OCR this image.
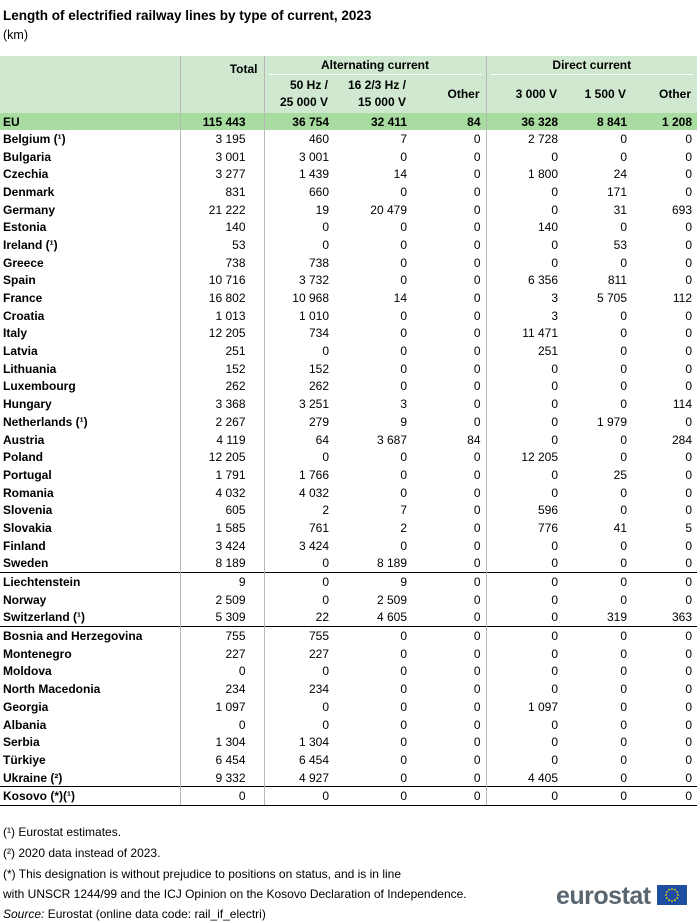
Length of electrified railway lines by type of current, 2023
(km)
	Total	Alternating current			Direct current		

		50 Hz /
25 000 V	16 2/3 Hz /
15 000 V	Other	3 000 V	1 500 V	Other
EU	115 443	36 754	32 411	84	36 328	8 841	1 208
Belgium (¹)	3 195	460	7	0	2 728	0	0
Bulgaria	3 001	3 001	0	0	0	0	0
Czechia	3 277	1 439	14	0	1 800	24	0
Denmark	831	660	0	0	0	171	0
Germany	21 222	19	20 479	0	0	31	693
Estonia	140	0	0	0	140	0	0
Ireland (¹)	53	0	0	0	0	53	0
Greece	738	738	0	0	0	0	0
Spain	10 716	3 732	0	0	6 356	811	0
France	16 802	10 968	14	0	3	5 705	112
Croatia	1 013	1 010	0	0	3	0	0
Italy	12 205	734	0	0	11 471	0	0
Latvia	251	0	0	0	251	0	0
Lithuania	152	152	0	0	0	0	0
Luxembourg	262	262	0	0	0	0	0
Hungary	3 368	3 251	3	0	0	0	114
Netherlands (¹)	2 267	279	9	0	0	1 979	0
Austria	4 119	64	3 687	84	0	0	284
Poland	12 205	0	0	0	12 205	0	0
Portugal	1 791	1 766	0	0	0	25	0
Romania	4 032	4 032	0	0	0	0	0
Slovenia	605	2	7	0	596	0	0
Slovakia	1 585	761	2	0	776	41	5
Finland	3 424	3 424	0	0	0	0	0
Sweden	8 189	0	8 189	0	0	0	0
Liechtenstein	9	0	9	0	0	0	0
Norway	2 509	0	2 509	0	0	0	0
Switzerland (¹)	5 309	22	4 605	0	0	319	363
Bosnia and Herzegovina	755	755	0	0	0	0	0
Montenegro	227	227	0	0	0	0	0
Moldova	0	0	0	0	0	0	0
North Macedonia	234	234	0	0	0	0	0
Georgia	1 097	0	0	0	1 097	0	0
Albania	0	0	0	0	0	0	0
Serbia	1 304	1 304	0	0	0	0	0
Türkiye	6 454	6 454	0	0	0	0	0
Ukraine (²)	9 332	4 927	0	0	4 405	0	0
Kosovo (*)(¹)	0	0	0	0	0	0	0
(¹) Eurostat estimates.
(²) 2020 data instead of 2023.
(*) This designation is without prejudice to positions on status, and is in line
with UNSCR 1244/99 and the ICJ Opinion on the Kosovo Declaration of Independence.
Source: Eurostat (online data code: rail_if_electri)
eurostat
